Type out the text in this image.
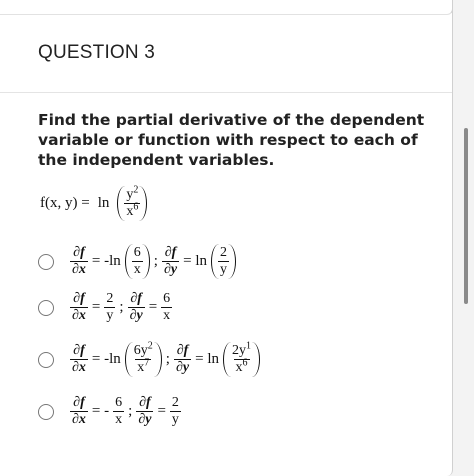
QUESTION 3
Find the partial derivative of the dependent variable or function with respect to each of the independent variables.
f(x, $y) = \ln \frac{y^2}{x^6}$
$\frac{\partial f}{\partial x} = -\ln \frac{6}{x}$ ; $\frac{\partial f}{\partial y} = \ln \frac{2}{y}$
$\frac{\partial f}{\partial x} = \frac{2}{y}$ ; $\frac{\partial f}{\partial y} = \frac{6}{x}$
$\frac{\partial f}{\partial x} = -\ln \frac{6y^2}{x^7}$ ; $\frac{\partial f}{\partial y} = \ln \frac{2y^1}{x^6}$
$\frac{\partial f}{\partial x}$ = - $\frac{6}{x}$ ; $\frac{\partial f}{\partial y} = \frac{2}{y}$
